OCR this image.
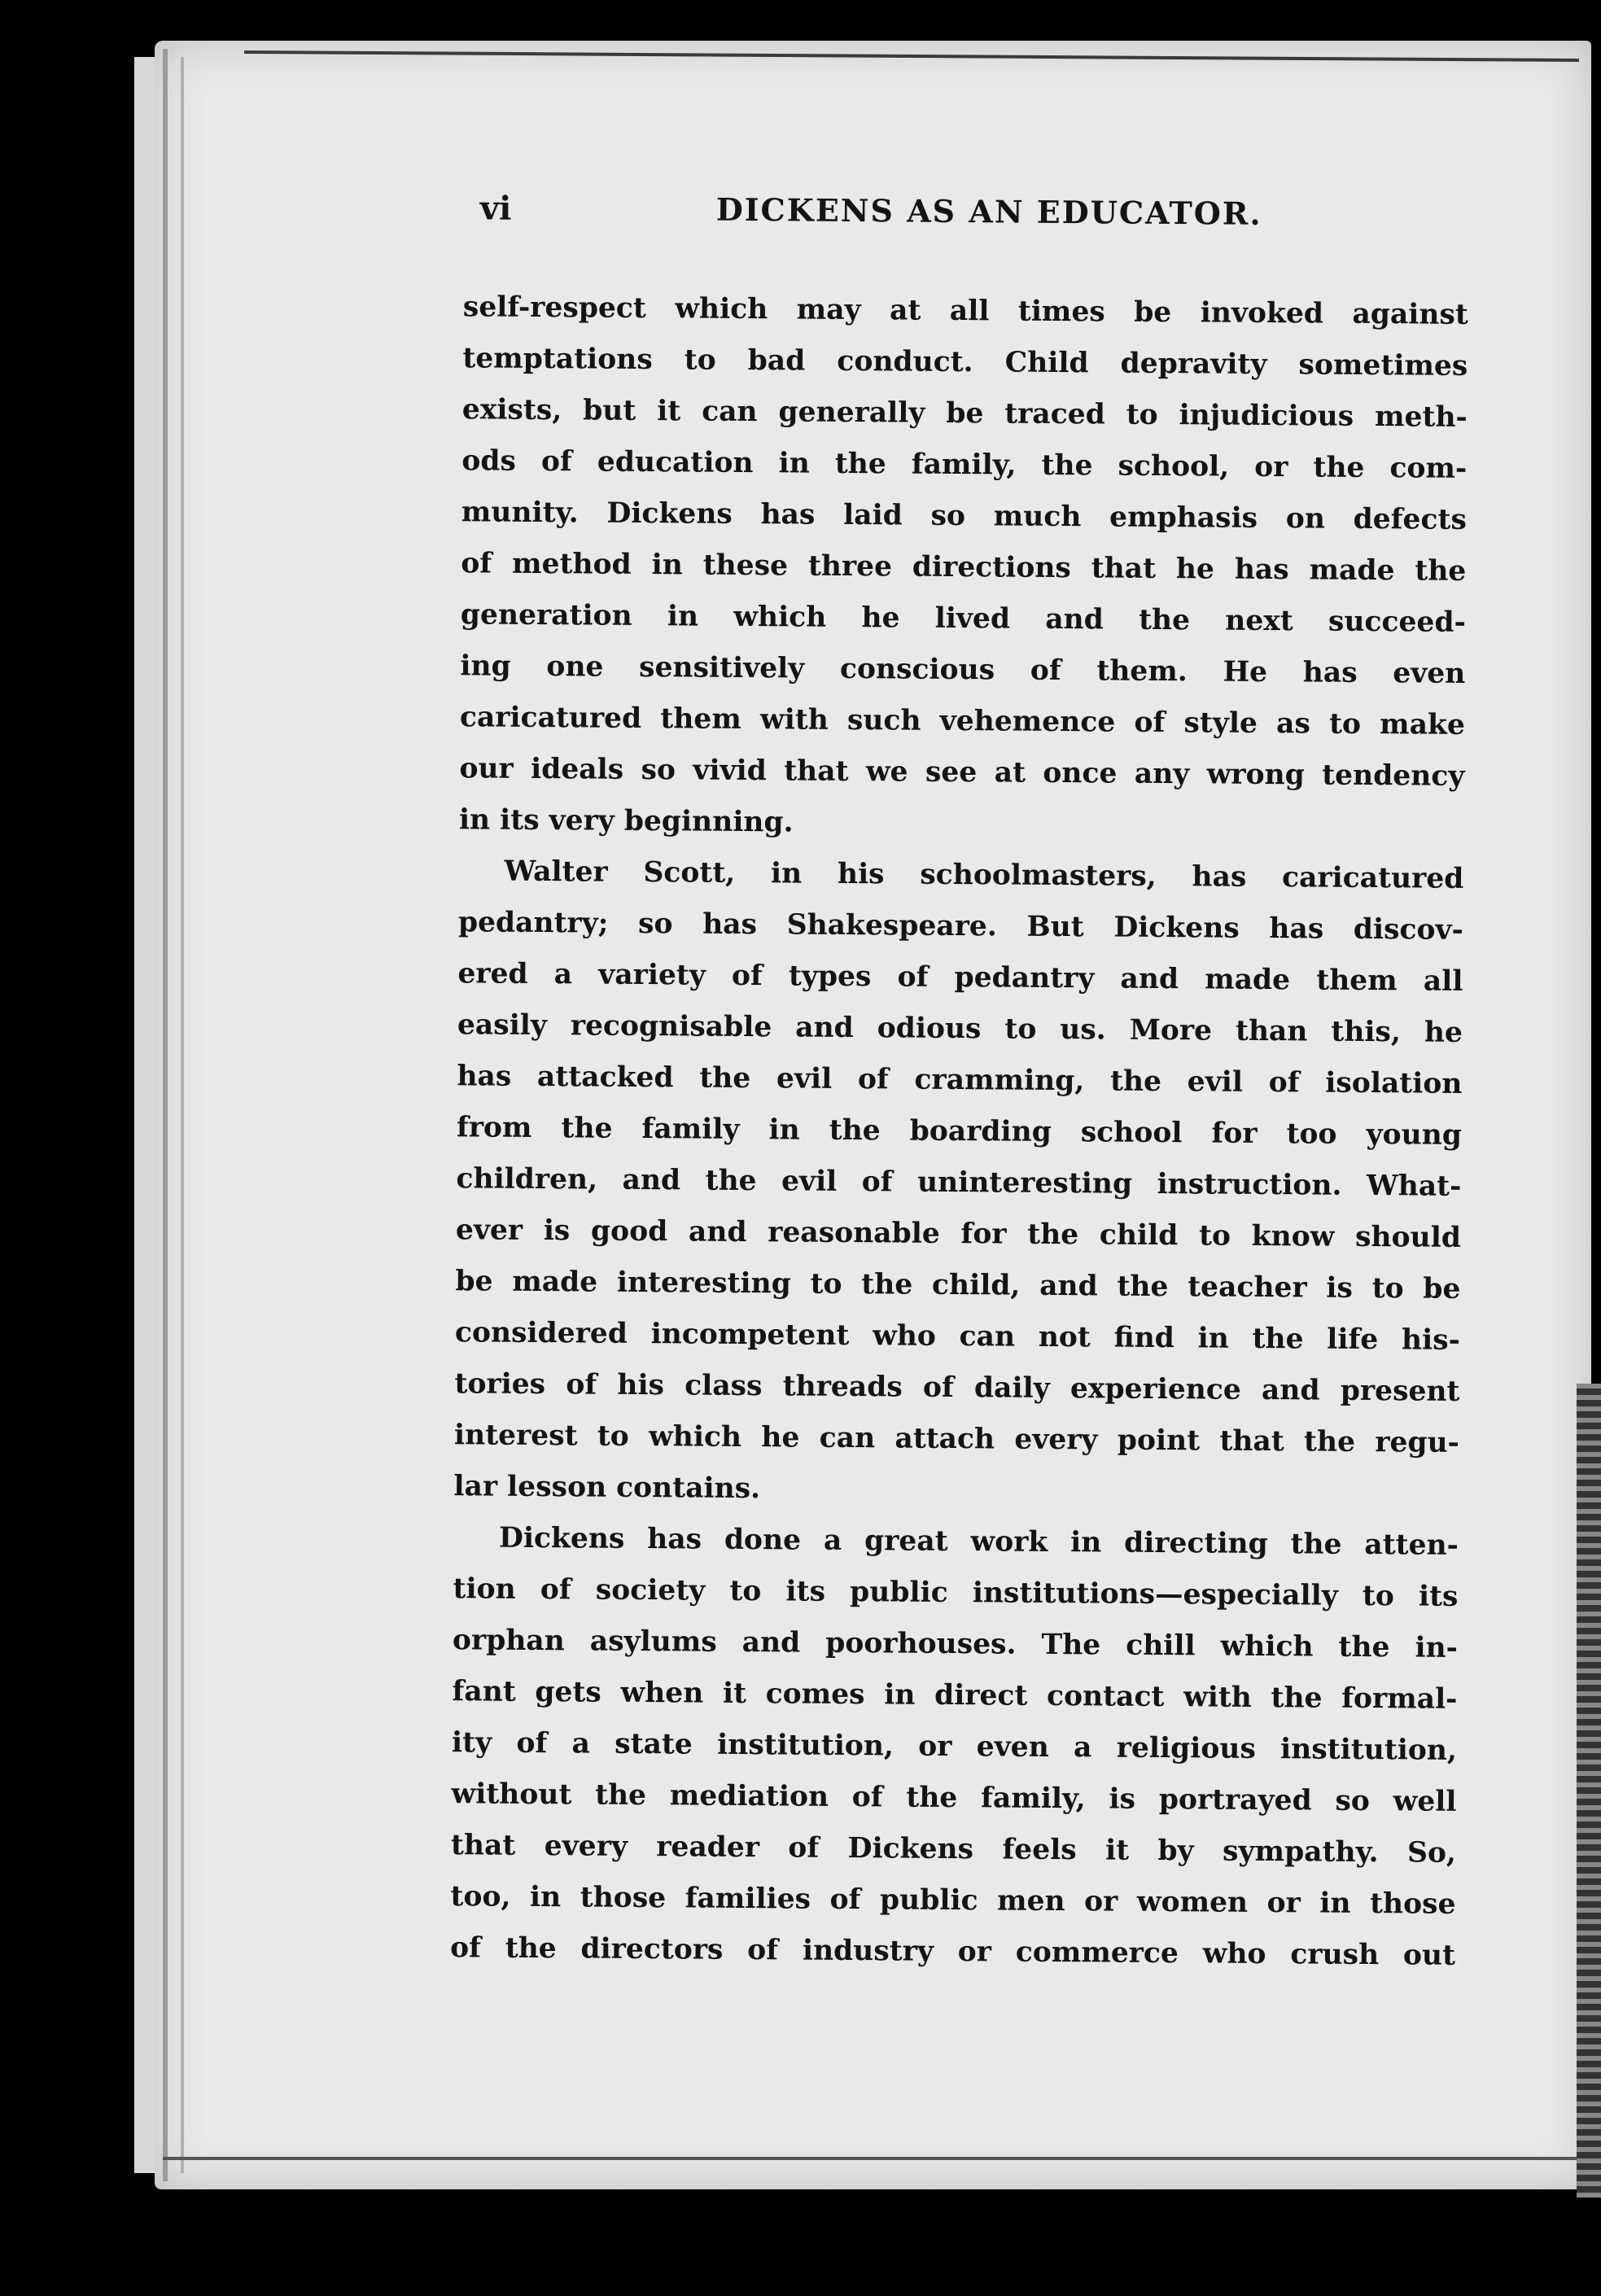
vi	DICKENS AS AN EDUCATOR.
self-respect which may at all times be invoked against
temptations to bad conduct. Child depravity sometimes
exists, but it can generally be traced to injudicious meth-
ods of education in the family, the school, or the com-
munity. Dickens has laid so much emphasis on defects
of method in these three directions that he has made the
generation in which he lived and the next succeed-
ing one sensitively conscious of them. He has even
caricatured them with such vehemence of style as to make
our ideals so vivid that we see at once any wrong tendency
in its very beginning.
Walter Scott, in his schoolmasters, has caricatured
pedantry; so has Shakespeare. But Dickens has discov-
ered a variety of types of pedantry and made them all
easily recognisable and odious to us. More than this, he
has attacked the evil of cramming, the evil of isolation
from the family in the boarding school for too young
children, and the evil of uninteresting instruction. What-
ever is good and reasonable for the child to know should
be made interesting to the child, and the teacher is to be
considered incompetent who can not find in the life his-
tories of his class threads of daily experience and present
interest to which he can attach every point that the regu-
lar lesson contains.
Dickens has done a great work in directing the atten-
tion of society to its public institutions—especially to its
orphan asylums and poorhouses. The chill which the in-
fant gets when it comes in direct contact with the formal-
ity of a state institution, or even a religious institution,
without the mediation of the family, is portrayed so well
that every reader of Dickens feels it by sympathy. So,
too, in those families of public men or women or in those
of the directors of industry or commerce who crush out
